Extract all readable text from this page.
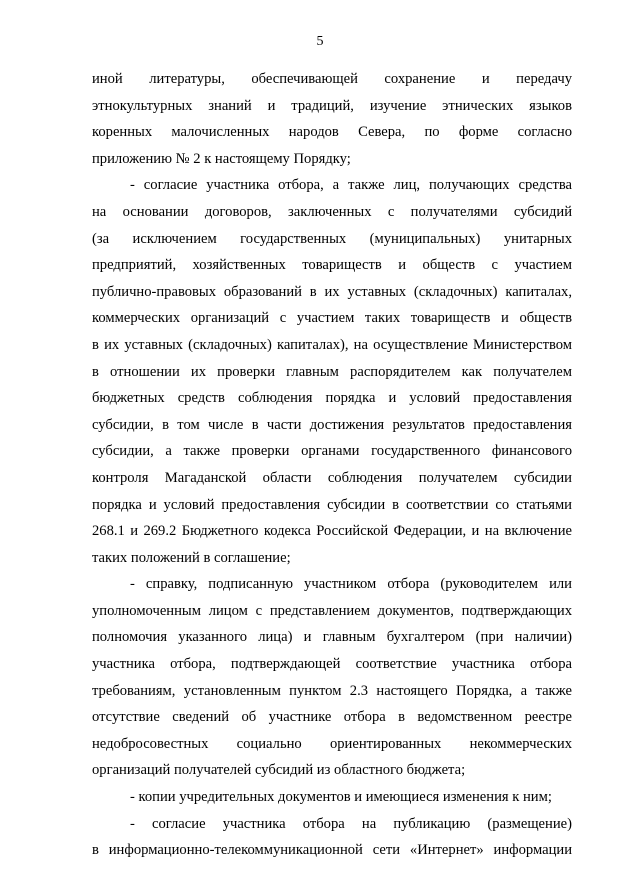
5
иной литературы, обеспечивающей сохранение и передачу
этнокультурных знаний и традиций, изучение этнических языков
коренных малочисленных народов Севера, по форме согласно
приложению № 2 к настоящему Порядку;
- согласие участника отбора, а также лиц, получающих средства
на основании договоров, заключенных с получателями субсидий
(за исключением государственных (муниципальных) унитарных
предприятий, хозяйственных товариществ и обществ с участием
публично-правовых образований в их уставных (складочных) капиталах,
коммерческих организаций с участием таких товариществ и обществ
в их уставных (складочных) капиталах), на осуществление Министерством
в отношении их проверки главным распорядителем как получателем
бюджетных средств соблюдения порядка и условий предоставления
субсидии, в том числе в части достижения результатов предоставления
субсидии, а также проверки органами государственного финансового
контроля Магаданской области соблюдения получателем субсидии
порядка и условий предоставления субсидии в соответствии со статьями
268.1 и 269.2 Бюджетного кодекса Российской Федерации, и на включение
таких положений в соглашение;
- справку, подписанную участником отбора (руководителем или
уполномоченным лицом с представлением документов, подтверждающих
полномочия указанного лица) и главным бухгалтером (при наличии)
участника отбора, подтверждающей соответствие участника отбора
требованиям, установленным пунктом 2.3 настоящего Порядка, а также
отсутствие сведений об участнике отбора в ведомственном реестре
недобросовестных социально ориентированных некоммерческих
организаций получателей субсидий из областного бюджета;
- копии учредительных документов и имеющиеся изменения к ним;
- согласие участника отбора на публикацию (размещение)
в информационно-телекоммуникационной сети «Интернет» информации
